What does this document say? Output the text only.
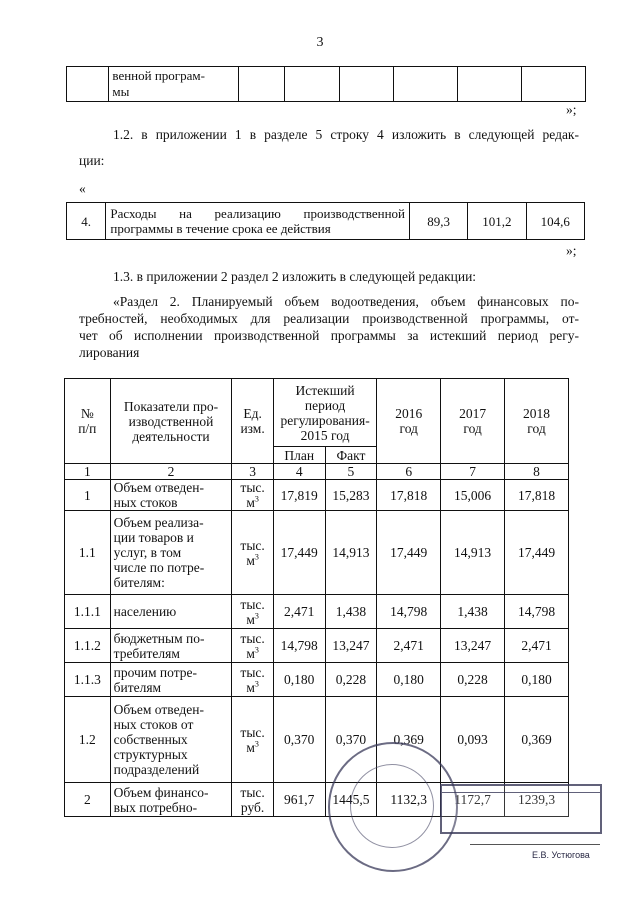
3
	венной програм-
мы						
»;
1.2. в приложении 1 в разделе 5 строку 4 изложить в следующей редак-
ции:
«
4.	Расходы на реализацию производственной
программы в течение срока ее действия	89,3	101,2	104,6
»;
1.3. в приложении 2 раздел 2 изложить в следующей редакции:
«Раздел 2. Планируемый объем водоотведения, объем финансовых по-
требностей, необходимых для реализации производственной программы, от-
чет об исполнении производственной программы за истекший период регу-
лирования
№
п/п	Показатели про-
изводственной
деятельности	Ед.
изм.	Истекший
период
регулирования-
2015 год		2016
год	2017
год	2018
год
			План	Факт			
1	2	3	4	5	6	7	8
1	Объем отведен-
ных стоков	тыс.
$м^3$	17,819	15,283	17,818	15,006	17,818
1.1	Объем реализа-
ции товаров и
услуг, в том
числе по потре-
бителям:	тыс.
$м^3$	17,449	14,913	17,449	14,913	17,449
1.1.1	населению	тыс.
$м^3$	2,471	1,438	14,798	1,438	14,798
1.1.2	бюджетным по-
требителям	тыс.
$м^3$	14,798	13,247	2,471	13,247	2,471
1.1.3	прочим потре-
бителям	тыс.
$м^3$	0,180	0,228	0,180	0,228	0,180
1.2	Объем отведен-
ных стоков от
собственных
структурных
подразделений	тыс.
$м^3$	0,370	0,370	0,369	0,093	0,369
2	Объем финансо-
вых потребно-	тыс.
руб.	961,7	1445,5	1132,3	1172,7	1239,3
Е.В. Устюгова
